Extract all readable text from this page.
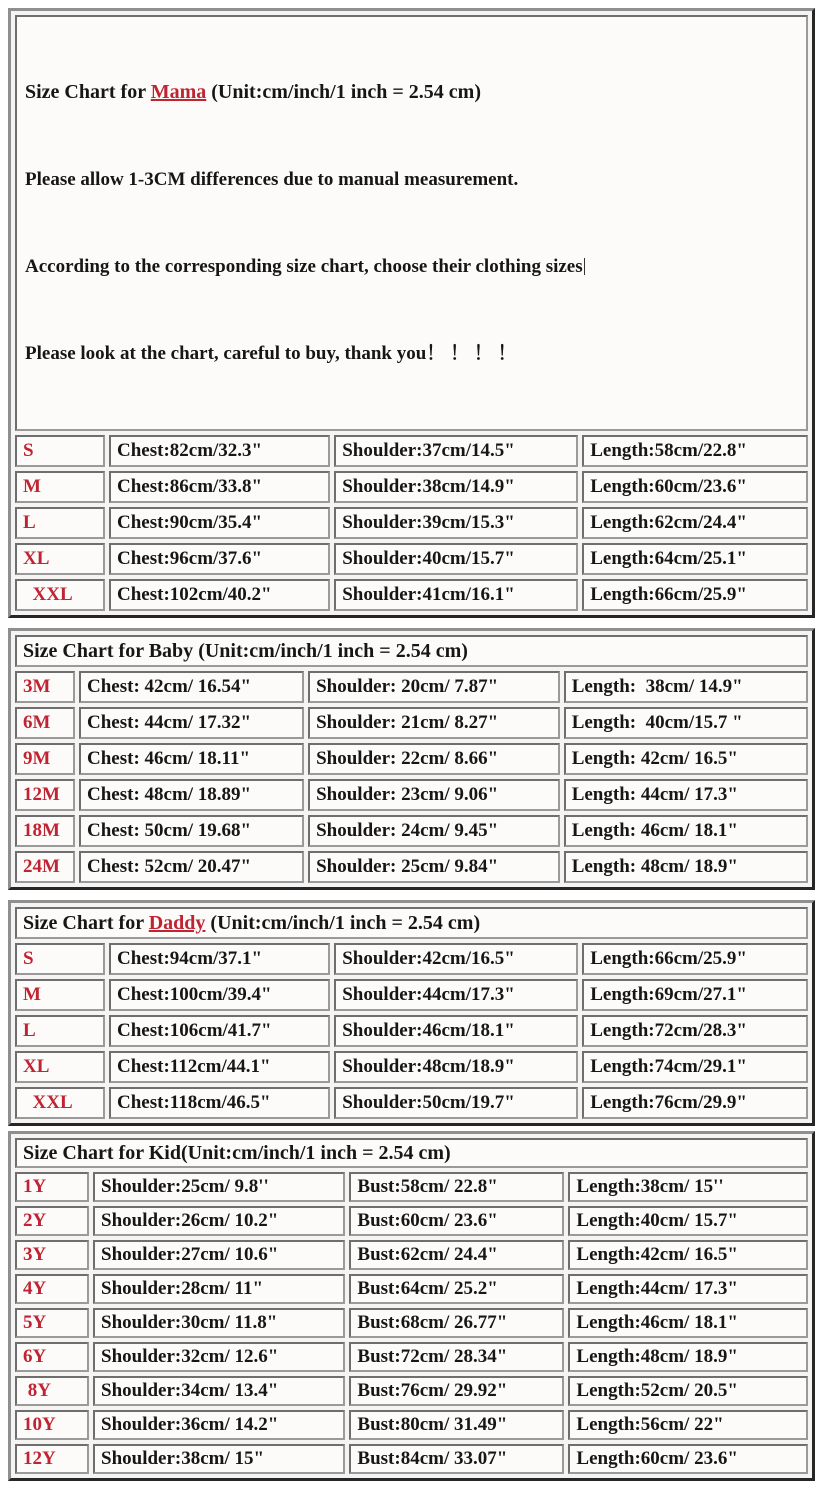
Size Chart for Mama (Unit:cm/inch/1 inch = 2.54 cm)

Please allow 1-3CM differences due to manual measurement.

According to the corresponding size chart, choose their clothing sizes

Please look at the chart, careful to buy, thank you！ ！ ！ ！

S	Chest:82cm/32.3"	Shoulder:37cm/14.5"	Length:58cm/22.8"
M	Chest:86cm/33.8"	Shoulder:38cm/14.9"	Length:60cm/23.6"
L	Chest:90cm/35.4"	Shoulder:39cm/15.3"	Length:62cm/24.4"
XL	Chest:96cm/37.6"	Shoulder:40cm/15.7"	Length:64cm/25.1"
XXL	Chest:102cm/40.2"	Shoulder:41cm/16.1"	Length:66cm/25.9"
Size Chart for Baby (Unit:cm/inch/1 inch = 2.54 cm)
3M	Chest: 42cm/ 16.54"	Shoulder: 20cm/ 7.87"	Length:  38cm/ 14.9"
6M	Chest: 44cm/ 17.32"	Shoulder: 21cm/ 8.27"	Length:  40cm/15.7 "
9M	Chest: 46cm/ 18.11"	Shoulder: 22cm/ 8.66"	Length: 42cm/ 16.5"
12M	Chest: 48cm/ 18.89"	Shoulder: 23cm/ 9.06"	Length: 44cm/ 17.3"
18M	Chest: 50cm/ 19.68"	Shoulder: 24cm/ 9.45"	Length: 46cm/ 18.1"
24M	Chest: 52cm/ 20.47"	Shoulder: 25cm/ 9.84"	Length: 48cm/ 18.9"
Size Chart for Daddy (Unit:cm/inch/1 inch = 2.54 cm)
S	Chest:94cm/37.1"	Shoulder:42cm/16.5"	Length:66cm/25.9"
M	Chest:100cm/39.4"	Shoulder:44cm/17.3"	Length:69cm/27.1"
L	Chest:106cm/41.7"	Shoulder:46cm/18.1"	Length:72cm/28.3"
XL	Chest:112cm/44.1"	Shoulder:48cm/18.9"	Length:74cm/29.1"
XXL	Chest:118cm/46.5"	Shoulder:50cm/19.7"	Length:76cm/29.9"
Size Chart for Kid(Unit:cm/inch/1 inch = 2.54 cm)
1Y	Shoulder:25cm/ 9.8''	Bust:58cm/ 22.8"	Length:38cm/ 15''
2Y	Shoulder:26cm/ 10.2"	Bust:60cm/ 23.6"	Length:40cm/ 15.7"
3Y	Shoulder:27cm/ 10.6"	Bust:62cm/ 24.4"	Length:42cm/ 16.5"
4Y	Shoulder:28cm/ 11"	Bust:64cm/ 25.2"	Length:44cm/ 17.3"
5Y	Shoulder:30cm/ 11.8"	Bust:68cm/ 26.77"	Length:46cm/ 18.1"
6Y	Shoulder:32cm/ 12.6"	Bust:72cm/ 28.34"	Length:48cm/ 18.9"
8Y	Shoulder:34cm/ 13.4"	Bust:76cm/ 29.92"	Length:52cm/ 20.5"
10Y	Shoulder:36cm/ 14.2"	Bust:80cm/ 31.49"	Length:56cm/ 22"
12Y	Shoulder:38cm/ 15"	Bust:84cm/ 33.07"	Length:60cm/ 23.6"
